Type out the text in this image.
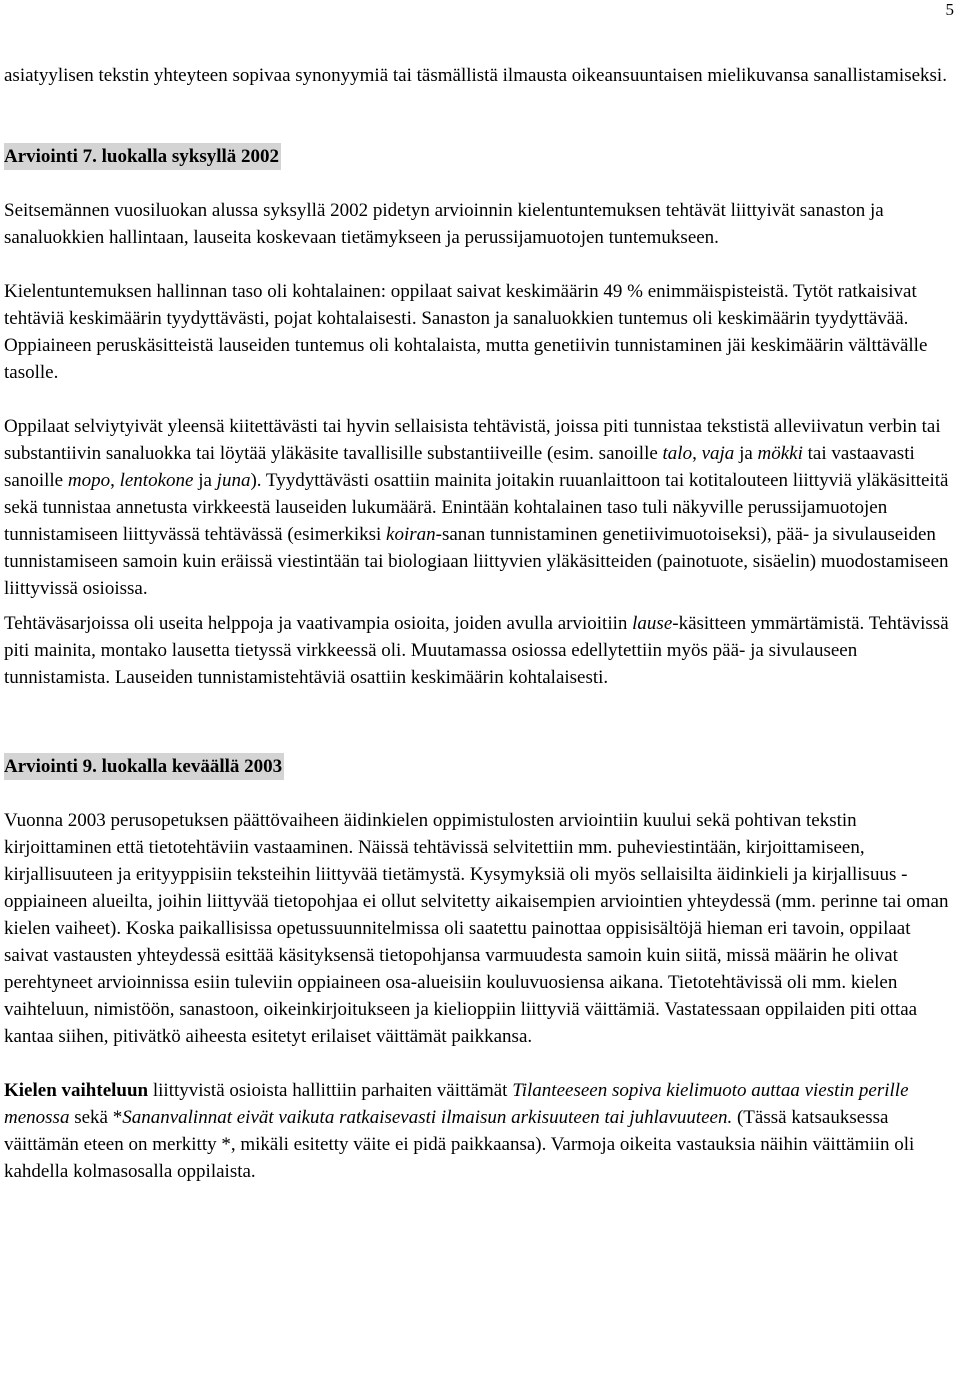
5

asiatyylisen tekstin yhteyteen sopivaa synonyymiä tai täsmällistä ilmausta oikeansuuntaisen mielikuvansa sanallistamiseksi.

Arviointi 7. luokalla syksyllä 2002

Seitsemännen vuosiluokan alussa syksyllä 2002 pidetyn arvioinnin kielentuntemuksen tehtävät liittyivät sanaston ja sanaluokkien hallintaan, lauseita koskevaan tietämykseen ja perussijamuotojen tuntemukseen.

Kielentuntemuksen hallinnan taso oli kohtalainen: oppilaat saivat keskimäärin 49 % enimmäispisteistä. Tytöt ratkaisivat tehtäviä keskimäärin tyydyttävästi, pojat kohtalaisesti. Sanaston ja sanaluokkien tuntemus oli keskimäärin tyydyttävää. Oppiaineen peruskäsitteistä lauseiden tuntemus oli kohtalaista, mutta genetiivin tunnistaminen jäi keskimäärin välttävälle tasolle.

Oppilaat selviytyivät yleensä kiitettävästi tai hyvin sellaisista tehtävistä, joissa piti tunnistaa tekstistä alleviivatun verbin tai substantiivin sanaluokka tai löytää yläkäsite tavallisille substantiiveille (esim. sanoille talo, vaja ja mökki tai vastaavasti sanoille mopo, lentokone ja juna). Tyydyttävästi osattiin mainita joitakin ruuanlaittoon tai kotitalouteen liittyviä yläkäsitteitä sekä tunnistaa annetusta virkkeestä lauseiden lukumäärä. Enintään kohtalainen taso tuli näkyville perussijamuotojen tunnistamiseen liittyvässä tehtävässä (esimerkiksi koiran-sanan tunnistaminen genetiivimuotoiseksi), pää- ja sivulauseiden tunnistamiseen samoin kuin eräissä viestintään tai biologiaan liittyvien yläkäsitteiden (painotuote, sisäelin) muodostamiseen liittyvissä osioissa.

Tehtäväsarjoissa oli useita helppoja ja vaativampia osioita, joiden avulla arvioitiin lause-käsitteen ymmärtämistä. Tehtävissä piti mainita, montako lausetta tietyssä virkkeessä oli. Muutamassa osiossa edellytettiin myös pää- ja sivulauseen tunnistamista. Lauseiden tunnistamistehtäviä osattiin keskimäärin kohtalaisesti.

Arviointi 9. luokalla keväällä 2003

Vuonna 2003 perusopetuksen päättövaiheen äidinkielen oppimistulosten arviointiin kuului sekä pohtivan tekstin kirjoittaminen että tietotehtäviin vastaaminen. Näissä tehtävissä selvitettiin mm. puheviestintään, kirjoittamiseen, kirjallisuuteen ja erityyppisiin teksteihin liittyvää tietämystä. Kysymyksiä oli myös sellaisilta äidinkieli ja kirjallisuus -oppiaineen alueilta, joihin liittyvää tietopohjaa ei ollut selvitetty aikaisempien arviointien yhteydessä (mm. perinne tai oman kielen vaiheet). Koska paikallisissa opetussuunnitelmissa oli saatettu painottaa oppisisältöjä hieman eri tavoin, oppilaat saivat vastausten yhteydessä esittää käsityksensä tietopohjansa varmuudesta samoin kuin siitä, missä määrin he olivat perehtyneet arvioinnissa esiin tuleviin oppiaineen osa-alueisiin kouluvuosiensa aikana. Tietotehtävissä oli mm. kielen vaihteluun, nimistöön, sanastoon, oikeinkirjoitukseen ja kielioppiin liittyviä väittämiä. Vastatessaan oppilaiden piti ottaa kantaa siihen, pitivätkö aiheesta esitetyt erilaiset väittämät paikkansa.

Kielen vaihteluun liittyvistä osioista hallittiin parhaiten väittämät Tilanteeseen sopiva kielimuoto auttaa viestin perille menossa sekä *Sananvalinnat eivät vaikuta ratkaisevasti ilmaisun arkisuuteen tai juhlavuuteen. (Tässä katsauksessa väittämän eteen on merkitty *, mikäli esitetty väite ei pidä paikkaansa). Varmoja oikeita vastauksia näihin väittämiin oli kahdella kolmasosalla oppilaista.
